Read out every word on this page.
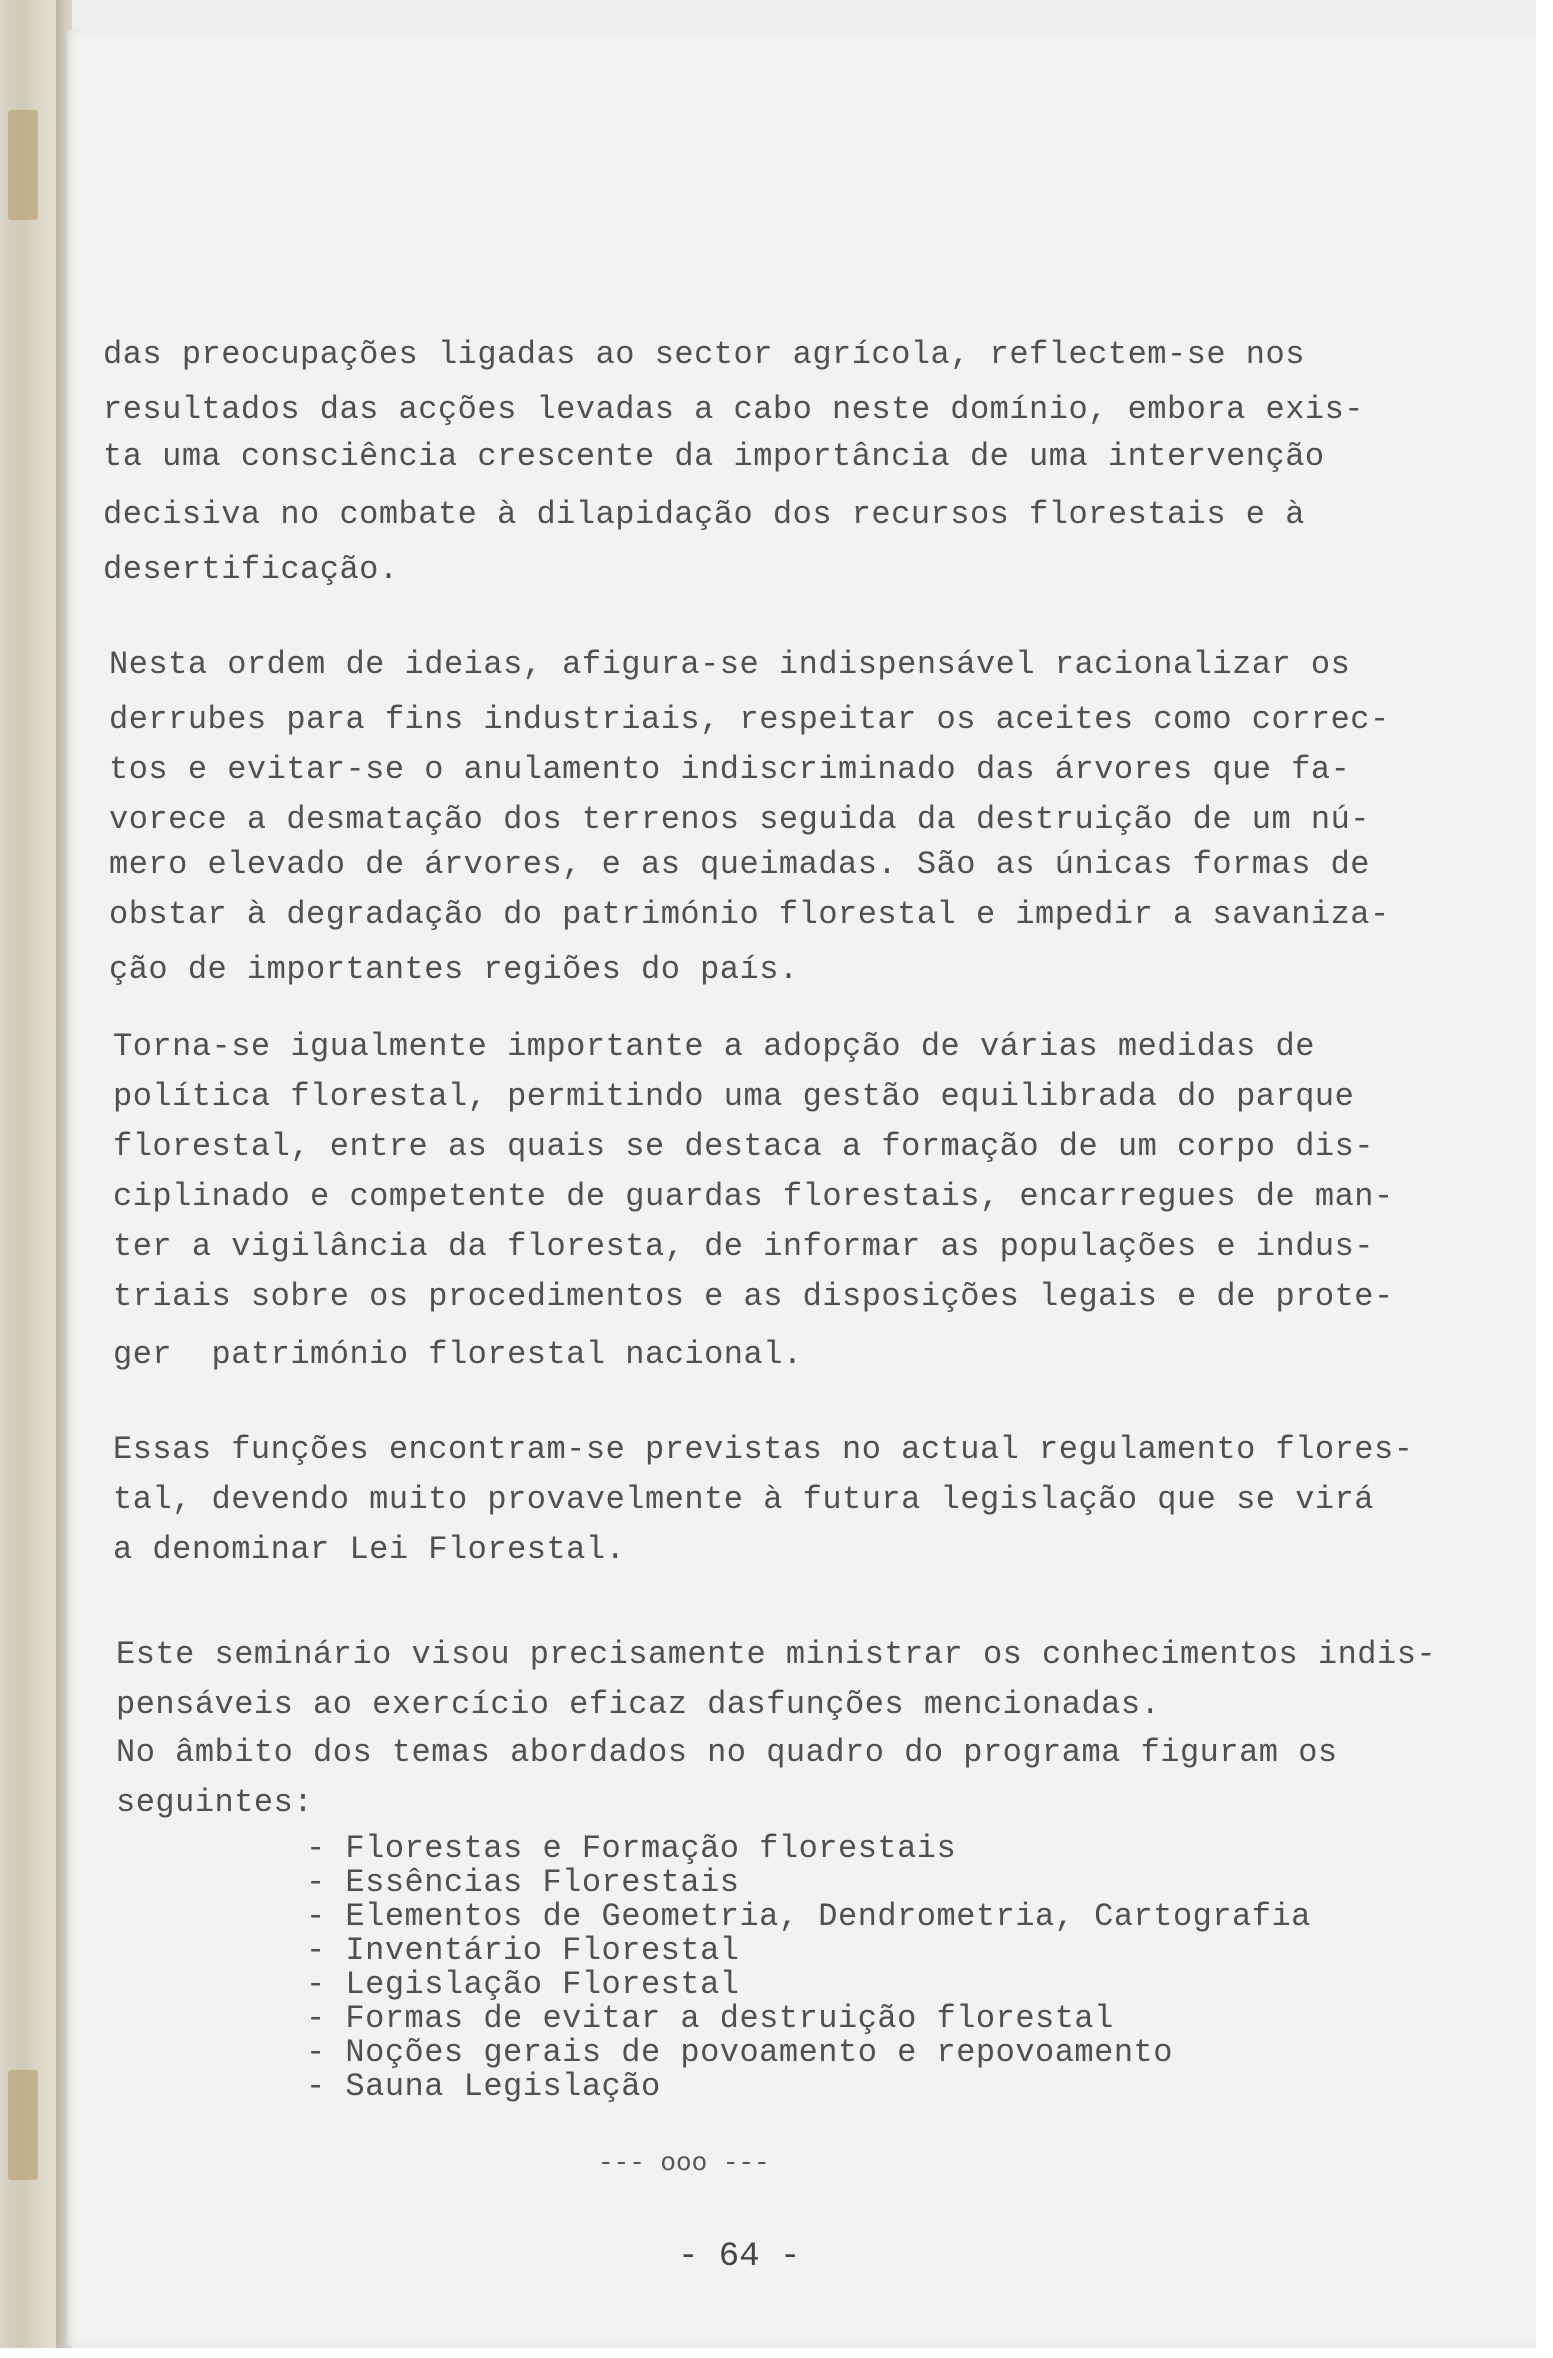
das preocupações ligadas ao sector agrícola, reflectem-se nos
resultados das acções levadas a cabo neste domínio, embora exis-
ta uma consciência crescente da importância de uma intervenção
decisiva no combate à dilapidação dos recursos florestais e à
desertificação.
Nesta ordem de ideias, afigura-se indispensável racionalizar os
derrubes para fins industriais, respeitar os aceites como correc-
tos e evitar-se o anulamento indiscriminado das árvores que fa-
vorece a desmatação dos terrenos seguida da destruição de um nú-
mero elevado de árvores, e as queimadas. São as únicas formas de
obstar à degradação do património florestal e impedir a savaniza-
ção de importantes regiões do país.
Torna-se igualmente importante a adopção de várias medidas de
política florestal, permitindo uma gestão equilibrada do parque
florestal, entre as quais se destaca a formação de um corpo dis-
ciplinado e competente de guardas florestais, encarregues de man-
ter a vigilância da floresta, de informar as populações e indus-
triais sobre os procedimentos e as disposições legais e de prote-
ger  património florestal nacional.
Essas funções encontram-se previstas no actual regulamento flores-
tal, devendo muito provavelmente à futura legislação que se virá
a denominar Lei Florestal.
Este seminário visou precisamente ministrar os conhecimentos indis-
pensáveis ao exercício eficaz dasfunções mencionadas.
No âmbito dos temas abordados no quadro do programa figuram os
seguintes:
- Florestas e Formação florestais
- Essências Florestais
- Elementos de Geometria, Dendrometria, Cartografia
- Inventário Florestal
- Legislação Florestal
- Formas de evitar a destruição florestal
- Noções gerais de povoamento e repovoamento
- Sauna Legislação
--- ooo ---
- 64 -
